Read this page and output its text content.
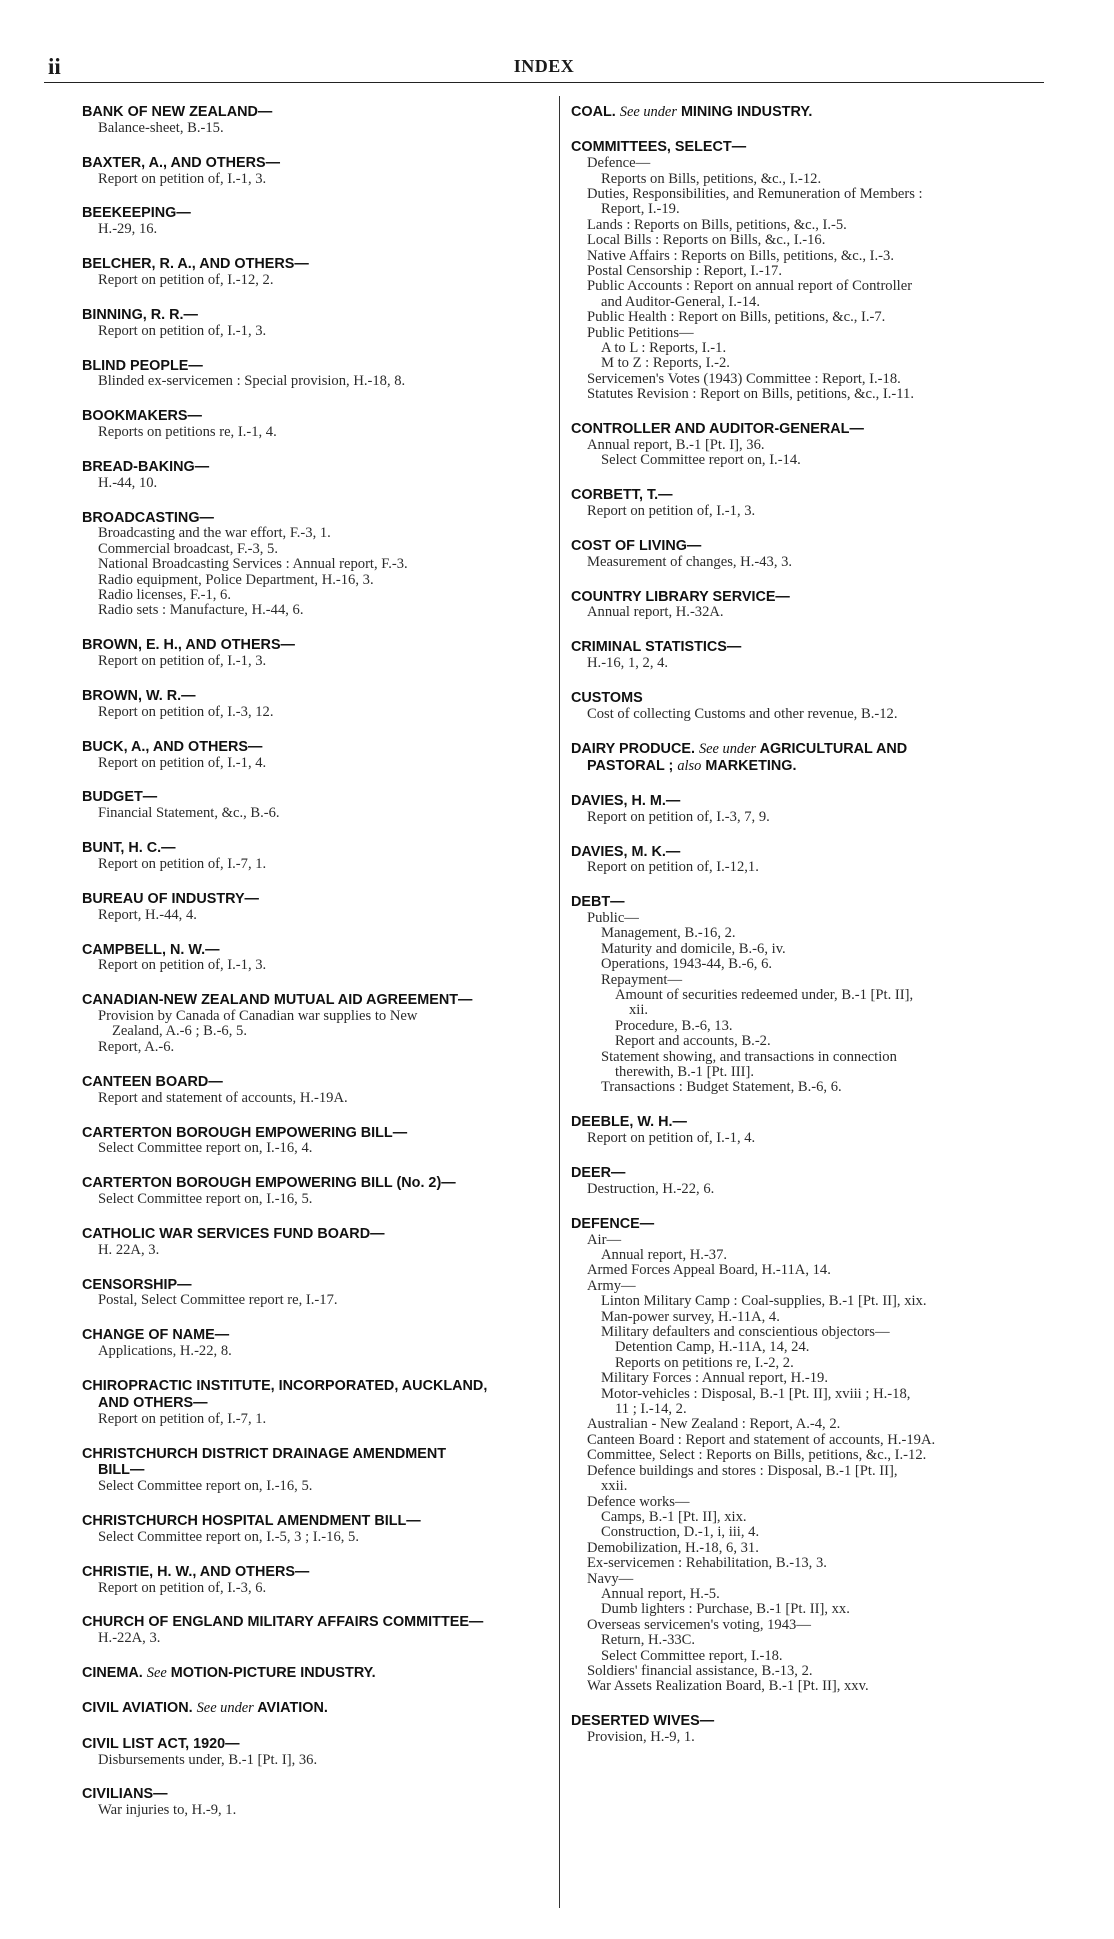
ii	INDEX
BANK OF NEW ZEALAND—
Balance-sheet, B.-15.
BAXTER, A., AND OTHERS—
Report on petition of, I.-1, 3.
BEEKEEPING—
H.-29, 16.
BELCHER, R. A., AND OTHERS—
Report on petition of, I.-12, 2.
BINNING, R. R.—
Report on petition of, I.-1, 3.
BLIND PEOPLE—
Blinded ex-servicemen : Special provision, H.-18, 8.
BOOKMAKERS—
Reports on petitions re, I.-1, 4.
BREAD-BAKING—
H.-44, 10.
BROADCASTING—
Broadcasting and the war effort, F.-3, 1.
Commercial broadcast, F.-3, 5.
National Broadcasting Services : Annual report, F.-3.
Radio equipment, Police Department, H.-16, 3.
Radio licenses, F.-1, 6.
Radio sets : Manufacture, H.-44, 6.
BROWN, E. H., AND OTHERS—
Report on petition of, I.-1, 3.
BROWN, W. R.—
Report on petition of, I.-3, 12.
BUCK, A., AND OTHERS—
Report on petition of, I.-1, 4.
BUDGET—
Financial Statement, &c., B.-6.
BUNT, H. C.—
Report on petition of, I.-7, 1.
BUREAU OF INDUSTRY—
Report, H.-44, 4.
CAMPBELL, N. W.—
Report on petition of, I.-1, 3.
CANADIAN-NEW ZEALAND MUTUAL AID AGREEMENT—
Provision by Canada of Canadian war supplies to New
Zealand, A.-6 ; B.-6, 5.
Report, A.-6.
CANTEEN BOARD—
Report and statement of accounts, H.-19A.
CARTERTON BOROUGH EMPOWERING BILL—
Select Committee report on, I.-16, 4.
CARTERTON BOROUGH EMPOWERING BILL (No. 2)—
Select Committee report on, I.-16, 5.
CATHOLIC WAR SERVICES FUND BOARD—
H. 22A, 3.
CENSORSHIP—
Postal, Select Committee report re, I.-17.
CHANGE OF NAME—
Applications, H.-22, 8.
CHIROPRACTIC INSTITUTE, INCORPORATED, AUCKLAND,
AND OTHERS—
Report on petition of, I.-7, 1.
CHRISTCHURCH DISTRICT DRAINAGE AMENDMENT
BILL—
Select Committee report on, I.-16, 5.
CHRISTCHURCH HOSPITAL AMENDMENT BILL—
Select Committee report on, I.-5, 3 ; I.-16, 5.
CHRISTIE, H. W., AND OTHERS—
Report on petition of, I.-3, 6.
CHURCH OF ENGLAND MILITARY AFFAIRS COMMITTEE—
H.-22A, 3.
CINEMA. See MOTION-PICTURE INDUSTRY.
CIVIL AVIATION. See under AVIATION.
CIVIL LIST ACT, 1920—
Disbursements under, B.-1 [Pt. I], 36.
CIVILIANS—
War injuries to, H.-9, 1.
COAL. See under MINING INDUSTRY.
COMMITTEES, SELECT—
Defence—
Reports on Bills, petitions, &c., I.-12.
Duties, Responsibilities, and Remuneration of Members :
Report, I.-19.
Lands : Reports on Bills, petitions, &c., I.-5.
Local Bills : Reports on Bills, &c., I.-16.
Native Affairs : Reports on Bills, petitions, &c., I.-3.
Postal Censorship : Report, I.-17.
Public Accounts : Report on annual report of Controller
and Auditor-General, I.-14.
Public Health : Report on Bills, petitions, &c., I.-7.
Public Petitions—
A to L : Reports, I.-1.
M to Z : Reports, I.-2.
Servicemen's Votes (1943) Committee : Report, I.-18.
Statutes Revision : Report on Bills, petitions, &c., I.-11.
CONTROLLER AND AUDITOR-GENERAL—
Annual report, B.-1 [Pt. I], 36.
Select Committee report on, I.-14.
CORBETT, T.—
Report on petition of, I.-1, 3.
COST OF LIVING—
Measurement of changes, H.-43, 3.
COUNTRY LIBRARY SERVICE—
Annual report, H.-32A.
CRIMINAL STATISTICS—
H.-16, 1, 2, 4.
CUSTOMS
Cost of collecting Customs and other revenue, B.-12.
DAIRY PRODUCE. See under AGRICULTURAL AND
PASTORAL ; also MARKETING.
DAVIES, H. M.—
Report on petition of, I.-3, 7, 9.
DAVIES, M. K.—
Report on petition of, I.-12,1.
DEBT—
Public—
Management, B.-16, 2.
Maturity and domicile, B.-6, iv.
Operations, 1943-44, B.-6, 6.
Repayment—
Amount of securities redeemed under, B.-1 [Pt. II],
xii.
Procedure, B.-6, 13.
Report and accounts, B.-2.
Statement showing, and transactions in connection
therewith, B.-1 [Pt. III].
Transactions : Budget Statement, B.-6, 6.
DEEBLE, W. H.—
Report on petition of, I.-1, 4.
DEER—
Destruction, H.-22, 6.
DEFENCE—
Air—
Annual report, H.-37.
Armed Forces Appeal Board, H.-11A, 14.
Army—
Linton Military Camp : Coal-supplies, B.-1 [Pt. II], xix.
Man-power survey, H.-11A, 4.
Military defaulters and conscientious objectors—
Detention Camp, H.-11A, 14, 24.
Reports on petitions re, I.-2, 2.
Military Forces : Annual report, H.-19.
Motor-vehicles : Disposal, B.-1 [Pt. II], xviii ; H.-18,
11 ; I.-14, 2.
Australian - New Zealand : Report, A.-4, 2.
Canteen Board : Report and statement of accounts, H.-19A.
Committee, Select : Reports on Bills, petitions, &c., I.-12.
Defence buildings and stores : Disposal, B.-1 [Pt. II],
xxii.
Defence works—
Camps, B.-1 [Pt. II], xix.
Construction, D.-1, i, iii, 4.
Demobilization, H.-18, 6, 31.
Ex-servicemen : Rehabilitation, B.-13, 3.
Navy—
Annual report, H.-5.
Dumb lighters : Purchase, B.-1 [Pt. II], xx.
Overseas servicemen's voting, 1943—
Return, H.-33C.
Select Committee report, I.-18.
Soldiers' financial assistance, B.-13, 2.
War Assets Realization Board, B.-1 [Pt. II], xxv.
DESERTED WIVES—
Provision, H.-9, 1.
